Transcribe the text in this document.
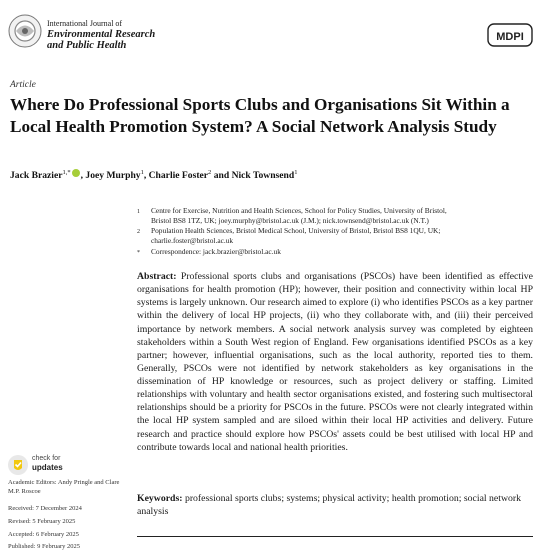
International Journal of
Environmental Research
and Public Health
MDPI
Article
Where Do Professional Sports Clubs and Organisations Sit Within a Local Health Promotion System? A Social Network Analysis Study
Jack Brazier$^{1,*}$ , Joey Murphy$^1$, Charlie Foster$^2$ and Nick Townsend$^1$
1 Centre for Exercise, Nutrition and Health Sciences, School for Policy Studies, University of Bristol,
Bristol BS8 1TZ, UK; joey.murphy@bristol.ac.uk (J.M.); nick.townsend@bristol.ac.uk (N.T.)
2 Population Health Sciences, Bristol Medical School, University of Bristol, Bristol BS8 1QU, UK;
charlie.foster@bristol.ac.uk
* Correspondence: jack.brazier@bristol.ac.uk
Abstract: Professional sports clubs and organisations (PSCOs) have been identified as effective organisations for health promotion (HP); however, their position and connectivity within local HP systems is largely unknown. Our research aimed to explore (i) who identifies PSCOs as a key partner within the delivery of local HP projects, (ii) who they collaborate with, and (iii) their perceived importance by network members. A social network analysis survey was completed by eighteen stakeholders within a South West region of England. Few organisations identified PSCOs as a key partner; however, influential organisations, such as the local authority, reported ties to them. Generally, PSCOs were not identified by network stakeholders as key organisations in the dissemination of HP knowledge or resources, such as project delivery or staffing. Limited relationships with voluntary and health sector organisations existed, and fostering such multisectoral relationships should be a priority for PSCOs in the future. PSCOs were not clearly integrated within the local HP system sampled and are siloed within their local HP activities and delivery. Future research and practice should explore how PSCOs' assets could be best utilised with local HP and contribute towards local and national health priorities.
Keywords: professional sports clubs; systems; physical activity; health promotion; social network analysis
check for
updates
Academic Editors: Andy Pringle and Clare M.P. Roscoe
Received: 7 December 2024
Revised: 5 February 2025
Accepted: 6 February 2025
Published: 9 February 2025
